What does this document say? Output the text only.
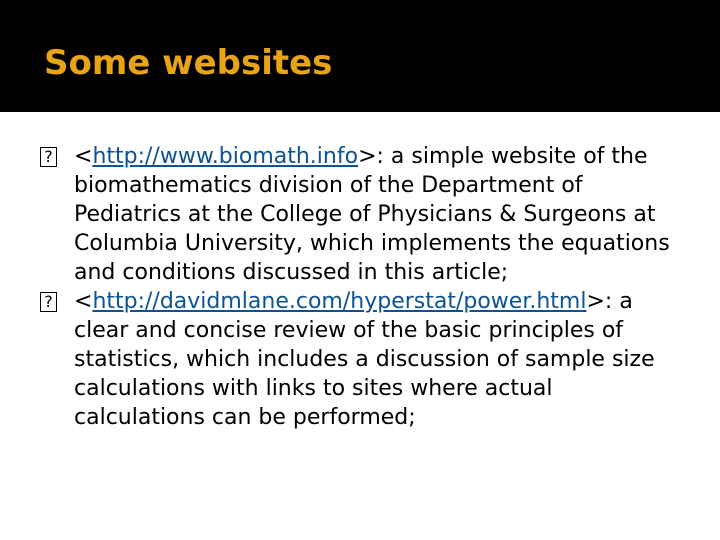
Some websites

? <http://www.biomath.info>: a simple website of the biomathematics division of the Department of Pediatrics at the College of Physicians & Surgeons at Columbia University, which implements the equations and conditions discussed in this article;

? <http://davidmlane.com/hyperstat/power.html>: a clear and concise review of the basic principles of statistics, which includes a discussion of sample size calculations with links to sites where actual calculations can be performed;
